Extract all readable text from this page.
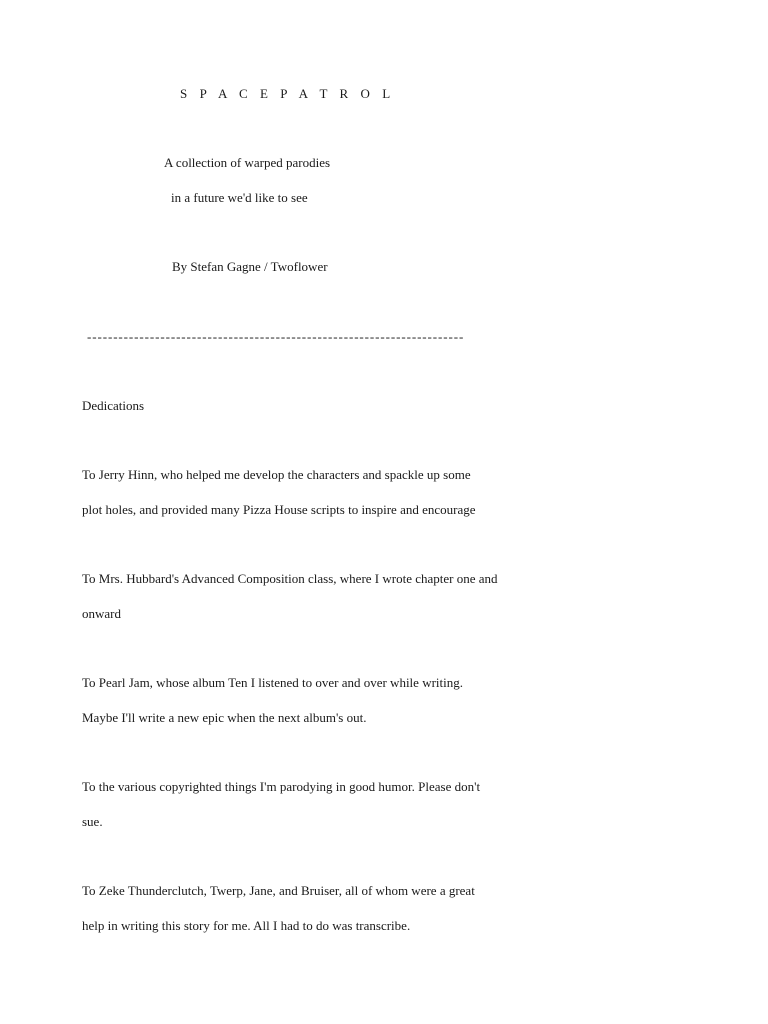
S P A C E P A T R O L
A collection of warped parodies
in a future we'd like to see
By Stefan Gagne / Twoflower
------------------------------------------------------------------------
Dedications
To Jerry Hinn, who helped me develop the characters and spackle up some
plot holes, and provided many Pizza House scripts to inspire and encourage
To Mrs. Hubbard's Advanced Composition class, where I wrote chapter one and
onward
To Pearl Jam, whose album Ten I listened to over and over while writing.
Maybe I'll write a new epic when the next album's out.
To the various copyrighted things I'm parodying in good humor. Please don't
sue.
To Zeke Thunderclutch, Twerp, Jane, and Bruiser, all of whom were a great
help in writing this story for me. All I had to do was transcribe.
